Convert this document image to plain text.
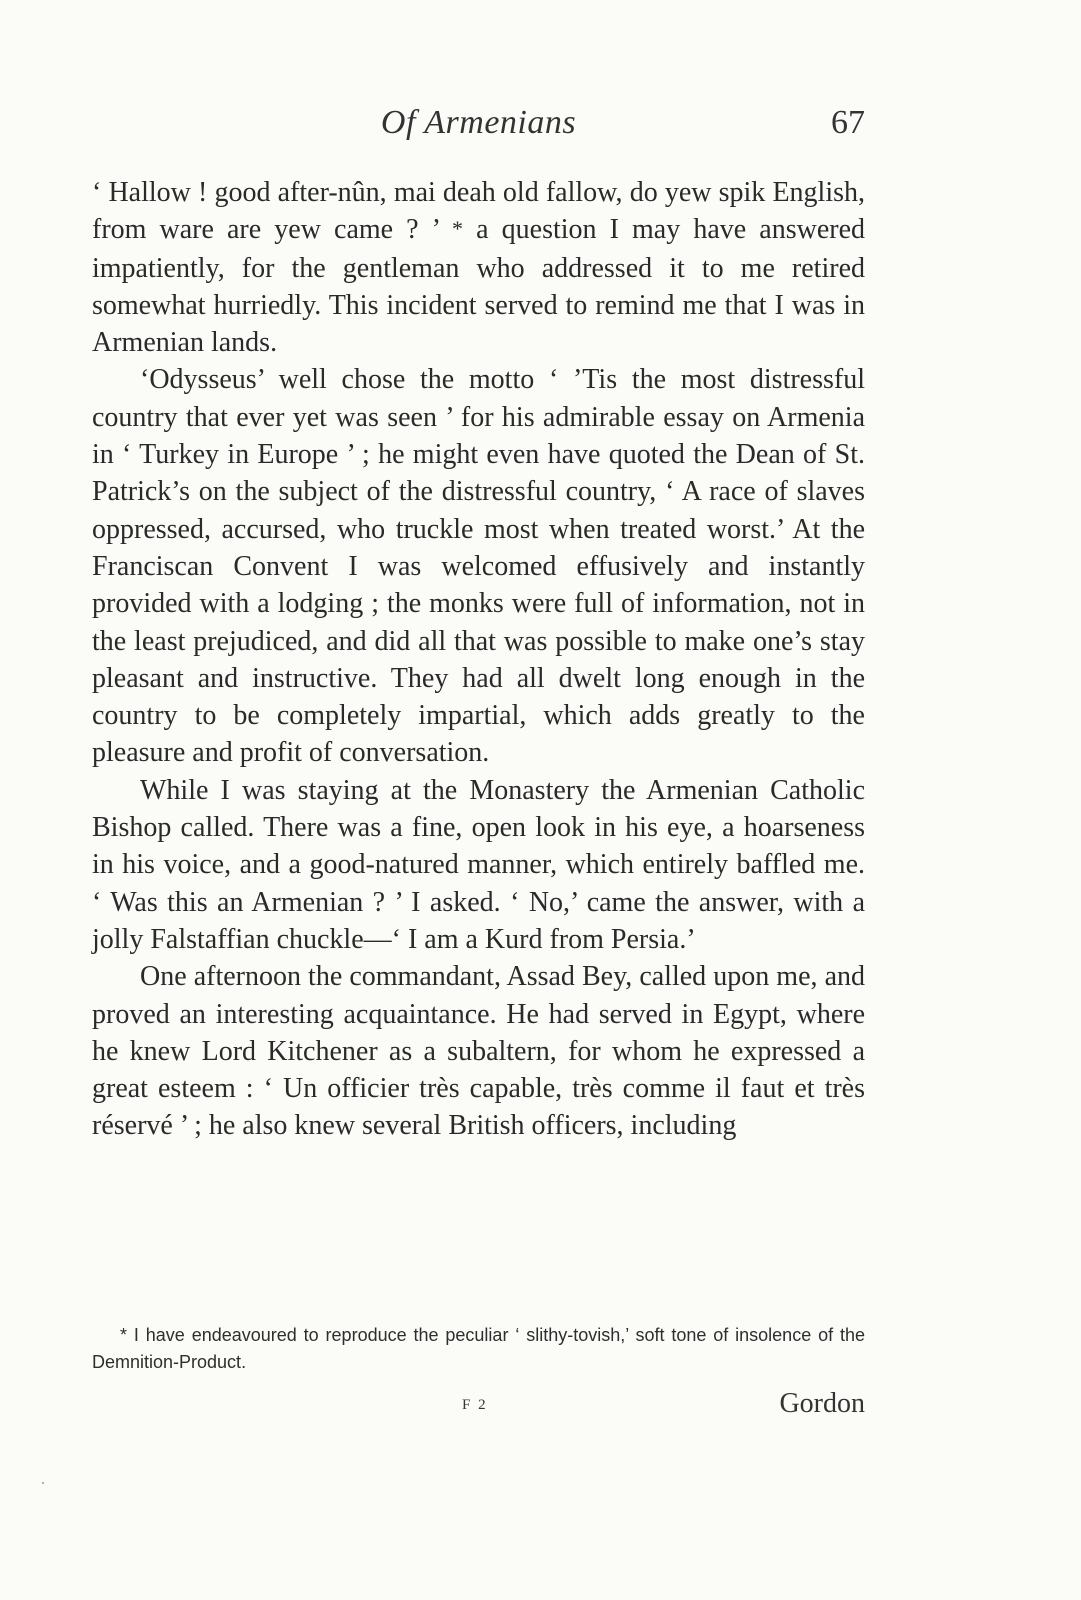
Of Armenians	67

‘ Hallow ! good after-nûn, mai deah old fallow, do yew spik English, from ware are yew came ? ’ * a question I may have answered impatiently, for the gentleman who addressed it to me retired somewhat hurriedly. This incident served to remind me that I was in Armenian lands.

‘Odysseus’ well chose the motto ‘ ’Tis the most distressful country that ever yet was seen ’ for his admirable essay on Armenia in ‘ Turkey in Europe ’ ; he might even have quoted the Dean of St. Patrick’s on the subject of the distressful country, ‘ A race of slaves oppressed, accursed, who truckle most when treated worst.’ At the Franciscan Convent I was welcomed effusively and instantly provided with a lodging ; the monks were full of information, not in the least prejudiced, and did all that was possible to make one’s stay pleasant and instructive. They had all dwelt long enough in the country to be completely impartial, which adds greatly to the pleasure and profit of conversation.

While I was staying at the Monastery the Armenian Catholic Bishop called. There was a fine, open look in his eye, a hoarseness in his voice, and a good-natured manner, which entirely baffled me. ‘ Was this an Armenian ? ’ I asked. ‘ No,’ came the answer, with a jolly Falstaffian chuckle—‘ I am a Kurd from Persia.’

One afternoon the commandant, Assad Bey, called upon me, and proved an interesting acquaintance. He had served in Egypt, where he knew Lord Kitchener as a subaltern, for whom he expressed a great esteem : ‘ Un officier très capable, très comme il faut et très réservé ’ ; he also knew several British officers, including

* I have endeavoured to reproduce the peculiar ‘ slithy-tovish,’ soft tone of insolence of the Demnition-Product.
F 2	Gordon
